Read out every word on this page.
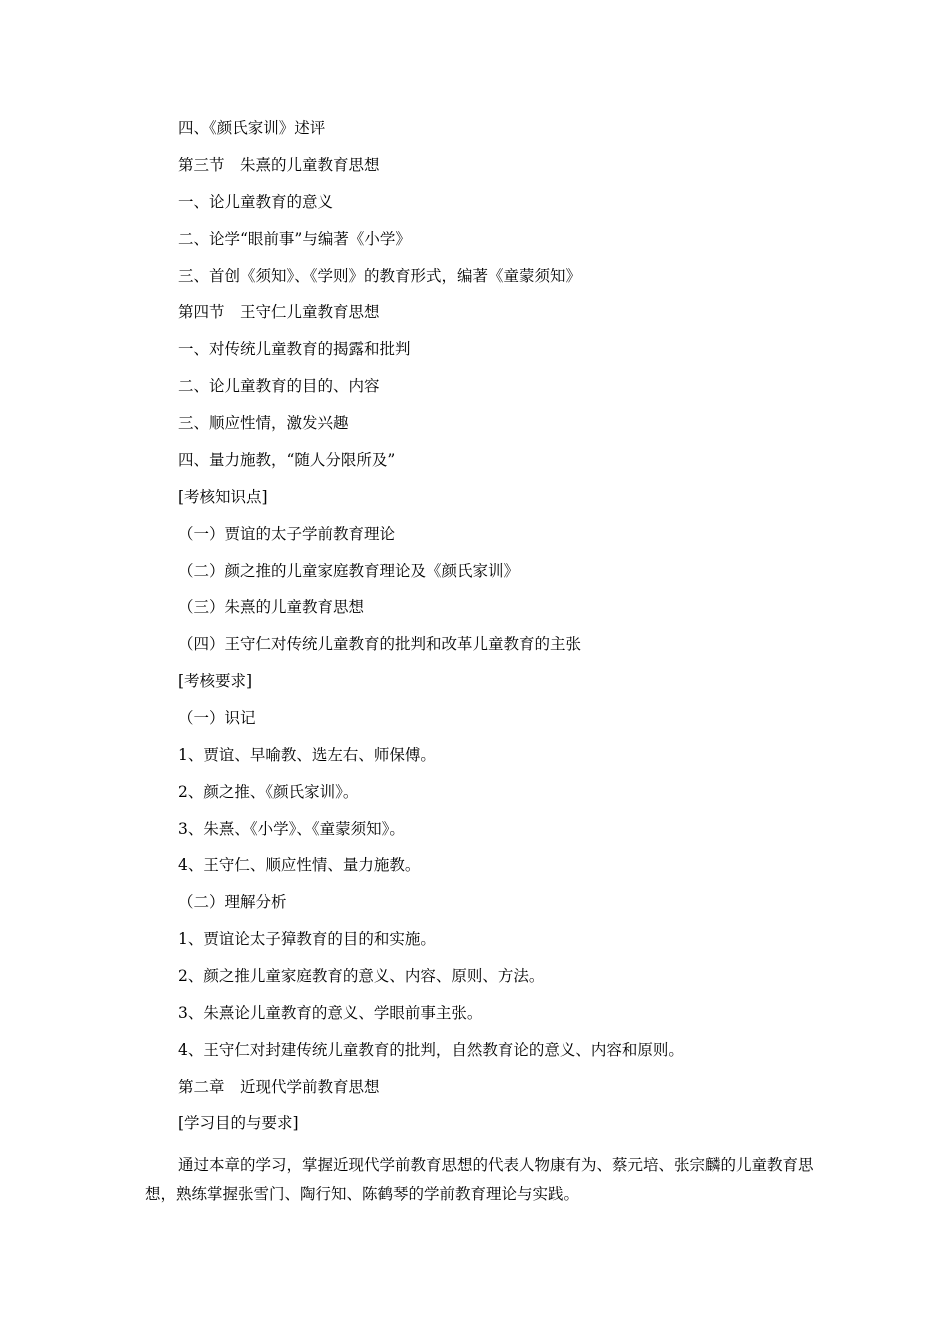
四、《颜氏家训》述评
第三节　朱熹的儿童教育思想
一、论儿童教育的意义
二、论学“眼前事”与编著《小学》
三、首创《须知》、《学则》的教育形式，编著《童蒙须知》
第四节　王守仁儿童教育思想
一、对传统儿童教育的揭露和批判
二、论儿童教育的目的、内容
三、顺应性情，激发兴趣
四、量力施教，“随人分限所及”
[考核知识点]
（一）贾谊的太子学前教育理论
（二）颜之推的儿童家庭教育理论及《颜氏家训》
（三）朱熹的儿童教育思想
（四）王守仁对传统儿童教育的批判和改革儿童教育的主张
[考核要求]
（一）识记
1、贾谊、早喻教、选左右、师保傅。
2、颜之推、《颜氏家训》。
3、朱熹、《小学》、《童蒙须知》。
4、王守仁、顺应性情、量力施教。
（二）理解分析
1、贾谊论太子獐教育的目的和实施。
2、颜之推儿童家庭教育的意义、内容、原则、方法。
3、朱熹论儿童教育的意义、学眼前事主张。
4、王守仁对封建传统儿童教育的批判，自然教育论的意义、内容和原则。
第二章　近现代学前教育思想
[学习目的与要求]

通过本章的学习，掌握近现代学前教育思想的代表人物康有为、蔡元培、张宗麟的儿童教育思想，熟练掌握张雪门、陶行知、陈鹤琴的学前教育理论与实践。
